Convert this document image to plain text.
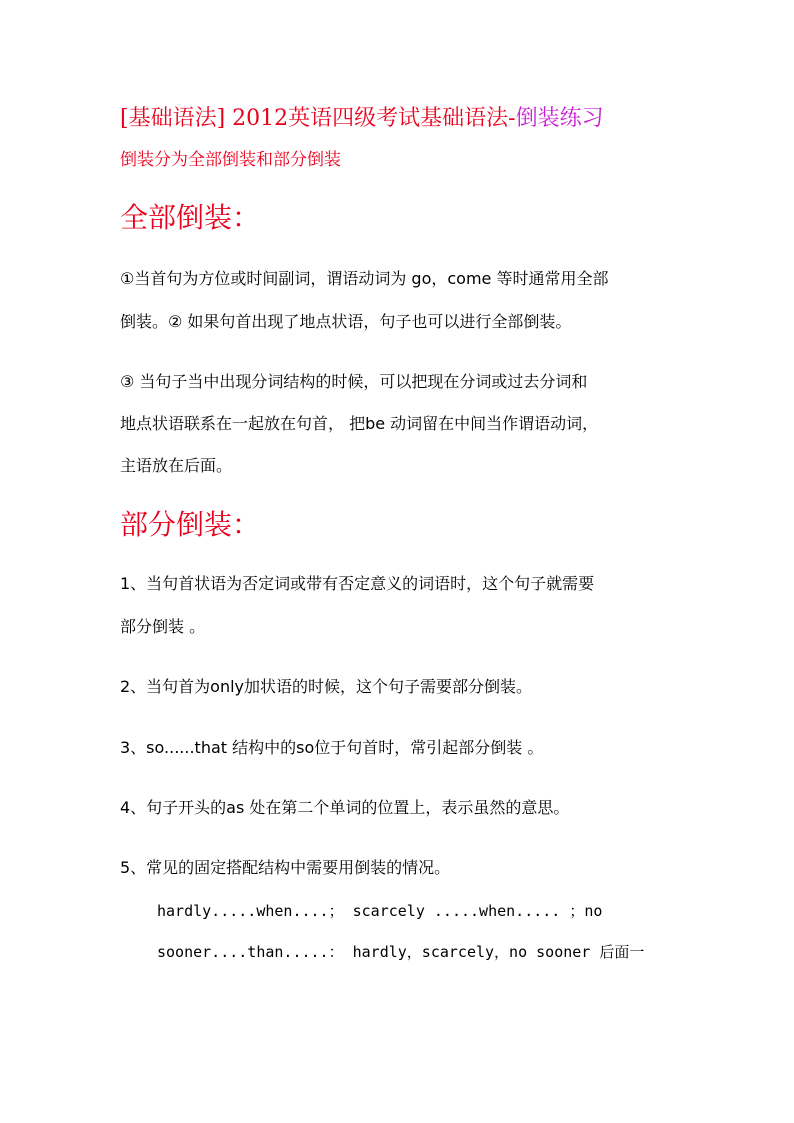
[基础语法] 2012英语四级考试基础语法-倒装练习
倒装分为全部倒装和部分倒装
全部倒装：
①当首句为方位或时间副词，谓语动词为 go，come 等时通常用全部
倒装。② 如果句首出现了地点状语，句子也可以进行全部倒装。
③ 当句子当中出现分词结构的时候，可以把现在分词或过去分词和
地点状语联系在一起放在句首， 把be 动词留在中间当作谓语动词，
主语放在后面。
部分倒装：
1、当句首状语为否定词或带有否定意义的词语时，这个句子就需要
部分倒装 。
2、当句首为only加状语的时候，这个句子需要部分倒装。
3、so......that 结构中的so位于句首时，常引起部分倒装 。
4、句子开头的as 处在第二个单词的位置上，表示虽然的意思。
5、常见的固定搭配结构中需要用倒装的情况。
hardly.....when....； scarcely .....when..... ；no
sooner....than.....： hardly，scarcely，no sooner 后面一
